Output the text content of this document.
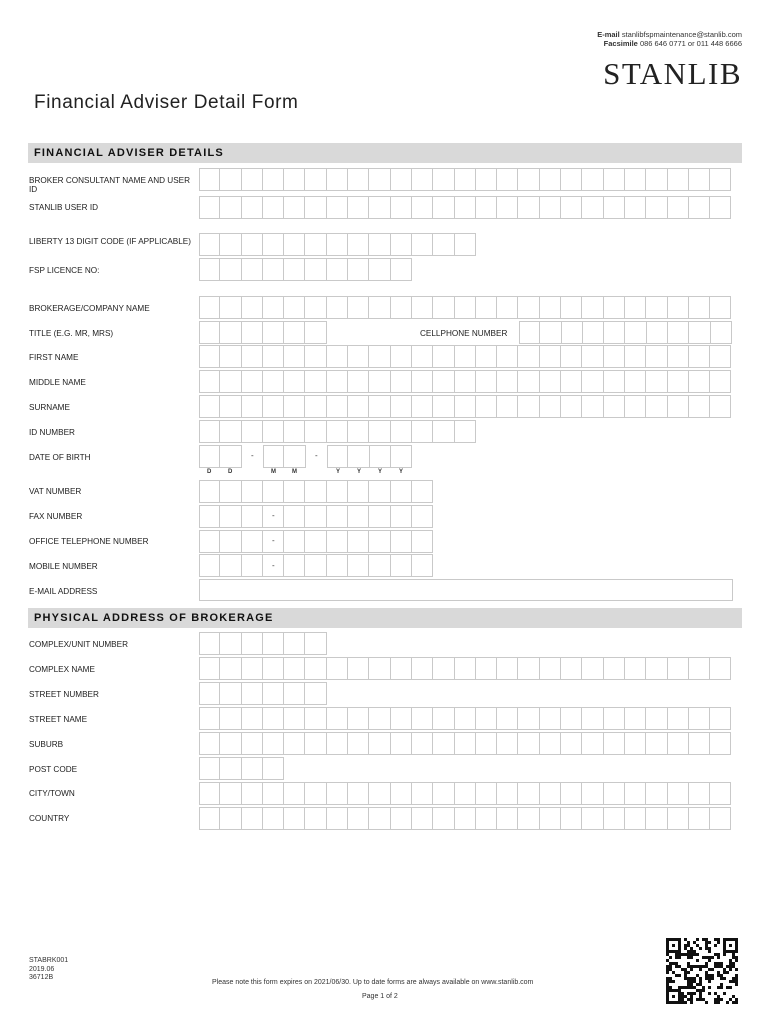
E-mail stanlibfspmaintenance@stanlib.com
Facsimile 086 646 0771 or 011 448 6666
STANLIB
Financial Adviser Detail Form
FINANCIAL ADVISER DETAILS
BROKER CONSULTANT NAME AND USER ID
STANLIB USER ID
LIBERTY 13 DIGIT CODE (IF APPLICABLE)
FSP LICENCE NO:
BROKERAGE/COMPANY NAME
TITLE (E.G. MR, MRS)	CELLPHONE NUMBER
FIRST NAME
MIDDLE NAME
SURNAME
ID NUMBER
DATE OF BIRTH	-	-
D	D	M	M	Y	Y	Y	Y
VAT NUMBER
FAX NUMBER	-
OFFICE TELEPHONE NUMBER	-
MOBILE NUMBER	-
E-MAIL ADDRESS
PHYSICAL ADDRESS OF BROKERAGE
COMPLEX/UNIT NUMBER
COMPLEX NAME
STREET NUMBER
STREET NAME
SUBURB
POST CODE
CITY/TOWN
COUNTRY
STABRK001
2019.06
36712B
Please note this form expires on 2021/06/30. Up to date forms are always available on www.stanlib.com
Page 1 of 2
